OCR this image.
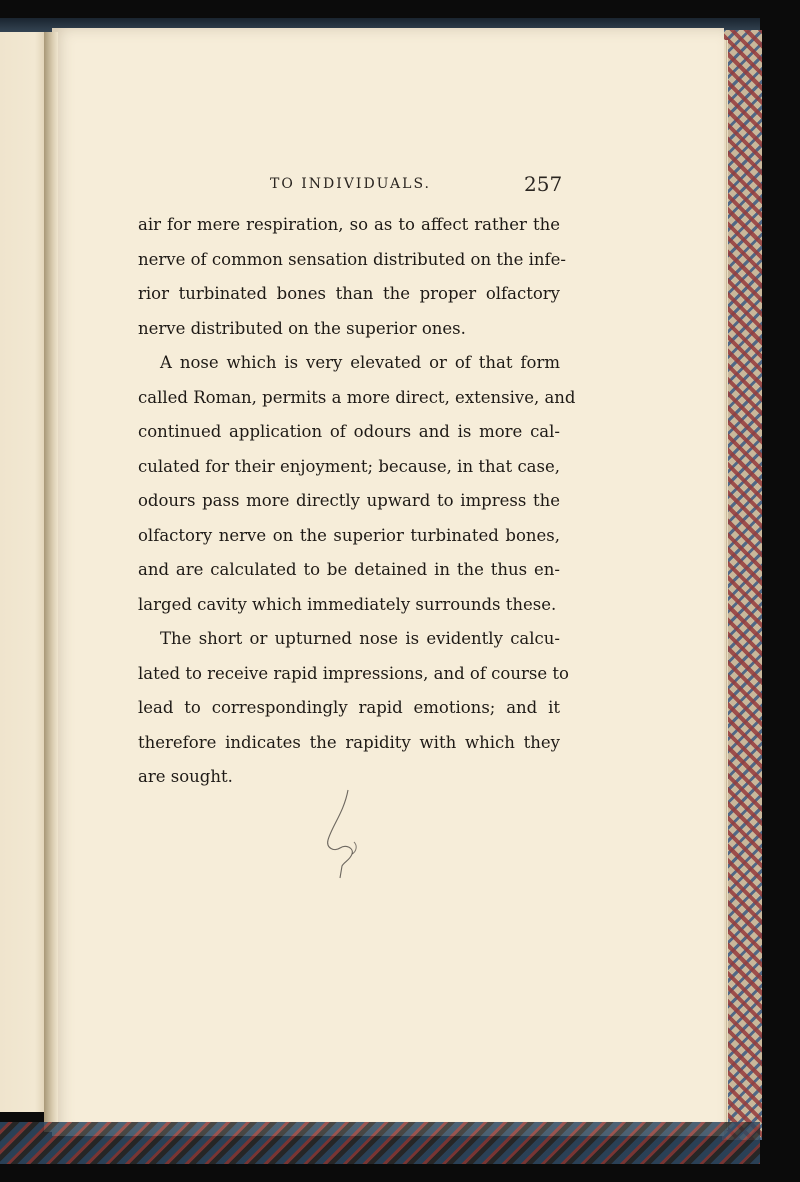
TO INDIVIDUALS.	257
air for mere respiration, so as to affect rather the
nerve of common sensation distributed on the infe-
rior turbinated bones than the proper olfactory
nerve distributed on the superior ones.
A nose which is very elevated or of that form
called Roman, permits a more direct, extensive, and
continued application of odours and is more cal-
culated for their enjoyment; because, in that case,
odours pass more directly upward to impress the
olfactory nerve on the superior turbinated bones,
and are calculated to be detained in the thus en-
larged cavity which immediately surrounds these.
The short or upturned nose is evidently calcu-
lated to receive rapid impressions, and of course to
lead to correspondingly rapid emotions; and it
therefore indicates the rapidity with which they
are sought.
